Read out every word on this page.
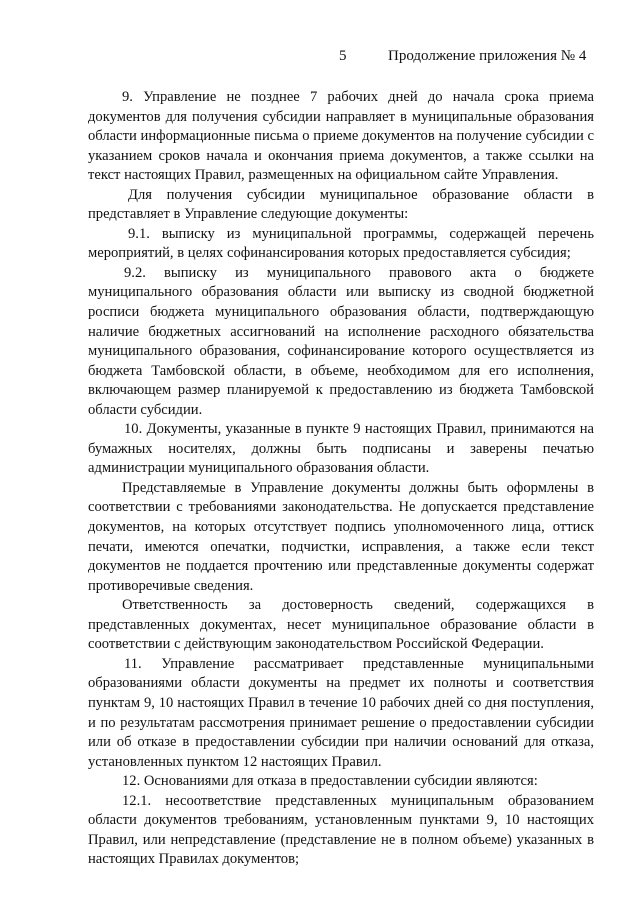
5	Продолжение приложения № 4

9. Управление не позднее 7 рабочих дней до начала срока приема документов для получения субсидии направляет в муниципальные образования области информационные письма о приеме документов на получение субсидии с указанием сроков начала и окончания приема документов, а также ссылки на текст настоящих Правил, размещенных на официальном сайте Управления.

Для получения субсидии муниципальное образование области в представляет в Управление следующие документы:

9.1. выписку из муниципальной программы, содержащей перечень мероприятий, в целях софинансирования которых предоставляется субсидия;

9.2. выписку из муниципального правового акта о бюджете муниципального образования области или выписку из сводной бюджетной росписи бюджета муниципального образования области, подтверждающую наличие бюджетных ассигнований на исполнение расходного обязательства муниципального образования, софинансирование которого осуществляется из бюджета Тамбовской области, в объеме, необходимом для его исполнения, включающем размер планируемой к предоставлению из бюджета Тамбовской области субсидии.

10. Документы, указанные в пункте 9 настоящих Правил, принимаются на бумажных носителях, должны быть подписаны и заверены печатью администрации муниципального образования области.

Представляемые в Управление документы должны быть оформлены в соответствии с требованиями законодательства. Не допускается представление документов, на которых отсутствует подпись уполномоченного лица, оттиск печати, имеются опечатки, подчистки, исправления, а также если текст документов не поддается прочтению или представленные документы содержат противоречивые сведения.

Ответственность за достоверность сведений, содержащихся в представленных документах, несет муниципальное образование области в соответствии с действующим законодательством Российской Федерации.

11. Управление рассматривает представленные муниципальными образованиями области документы на предмет их полноты и соответствия пунктам 9, 10 настоящих Правил в течение 10 рабочих дней со дня поступления, и по результатам рассмотрения принимает решение о предоставлении субсидии или об отказе в предоставлении субсидии при наличии оснований для отказа, установленных пунктом 12 настоящих Правил.

12. Основаниями для отказа в предоставлении субсидии являются:

12.1. несоответствие представленных муниципальным образованием области документов требованиям, установленным пунктами 9, 10 настоящих Правил, или непредставление (представление не в полном объеме) указанных в настоящих Правилах документов;
